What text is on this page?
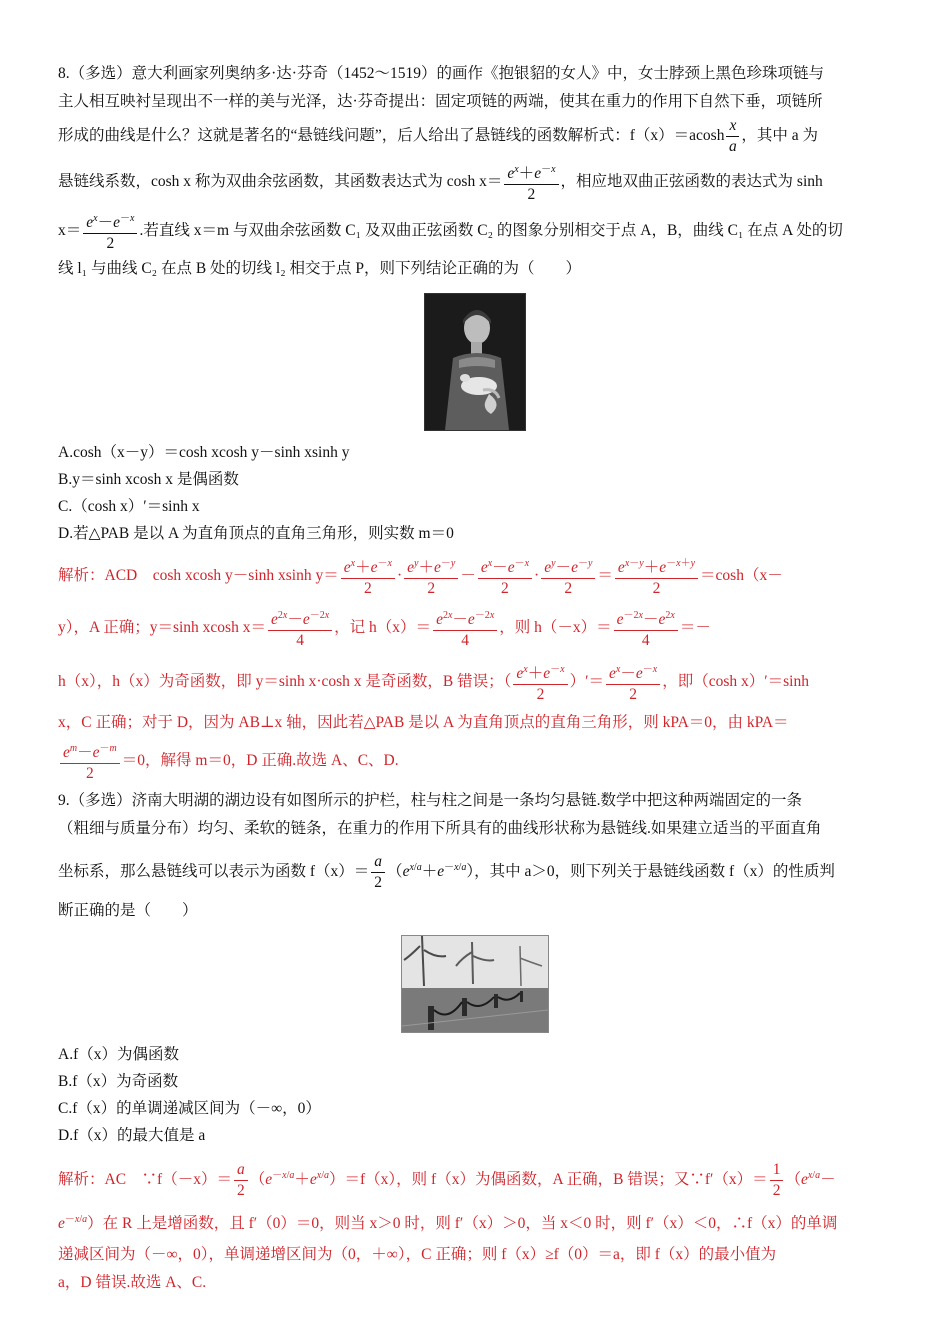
8.（多选）意大利画家列奥纳多·达·芬奇（1452～1519）的画作《抱银貂的女人》中，女士脖颈上黑色珍珠项链与

主人相互映衬呈现出不一样的美与光泽，达·芬奇提出：固定项链的两端，使其在重力的作用下自然下垂，项链所

形成的曲线是什么？这就是著名的“悬链线问题”，后人给出了悬链线的函数解析式：$f(x)=acosh \frac{x}{a}$ ，其中 a 为

悬链线系数，cosh x 称为双曲余弦函数，其函数表达式为 $\cosh x= \frac{e^x+e^{-x}}{2}$ ，相应地双曲正弦函数的表达式为 sinh

$x= \frac{e^x-e^{-x}}{2}$ .若直线 x＝m 与双曲余弦函数 C₁ 及双曲正弦函数 C₂ 的图象分别相交于点 A，B，曲线 C₁ 在点 A 处的切

线 l₁ 与曲线 C₂ 在点 B 处的切线 l₂ 相交于点 P，则下列结论正确的为（　　）

A.cosh（x－y）＝cosh xcosh y－sinh xsinh y

B.y＝sinh xcosh x 是偶函数

C.（cosh x）′＝sinh x

D.若△PAB 是以 A 为直角顶点的直角三角形，则实数 m＝0

解析：ACD　cosh xcosh y－sinh xsinh $y= \frac{e^x+e^{-x}}{2} \cdot \frac{e^y+e^{-y}}{2} - \frac{e^x-e^{-x}}{2} \cdot \frac{e^y-e^{-y}}{2} = \frac{e^{x-y}+e^{-x+y}}{2} =\cosh(x-$

y），A 正确；y＝sinh xcosh $x= \frac{e^{2x}-e^{-2x}}{4}$ ，记 $h(x)= \frac{e^{2x}-e^{-2x}}{4}$ ，则 $h(-x)= \frac{e^{-2x}-e^{2x}}{4}$ ＝－

h（x），h（x）为奇函数，即 y＝sinh x·cosh x 是奇函数，B 错误；（ $\frac{e^x+e^{-x}}{2}$ ）′＝ $\frac{e^x-e^{-x}}{2}$ ，即（cosh x）′＝sinh

x，C 正确；对于 D，因为 AB⊥x 轴，因此若△PAB 是以 A 为直角顶点的直角三角形，则 kPA＝0，由 kPA＝

$\frac{e^m-e^{-m}}{2} =0$，解得 m＝0，D 正确.故选 A、C、D.

9.（多选）济南大明湖的湖边设有如图所示的护栏，柱与柱之间是一条均匀悬链.数学中把这种两端固定的一条

（粗细与质量分布）均匀、柔软的链条，在重力的作用下所具有的曲线形状称为悬链线.如果建立适当的平面直角

坐标系，那么悬链线可以表示为函数 $f(x)= \frac{a}{2} (e^{x/a}+e^{-x/a})$，其中 a＞0，则下列关于悬链线函数 f（x）的性质判

断正确的是（　　）

A.f（x）为偶函数

B.f（x）为奇函数

C.f（x）的单调递减区间为（－∞，0）

D.f（x）的最大值是 a

解析：AC　∵f（－x）＝ $\frac{a}{2} (e^{-x/a}+e^{x/a})=f(x)$，则 f（x）为偶函数，A 正确，B 错误；又∵f′（x）＝ $\frac{1}{2} (e^{x/a}-$

$e^{-x/a}$）在 R 上是增函数，且 f′（0）＝0，则当 x＞0 时，则 f′（x）＞0，当 x＜0 时，则 f′（x）＜0，∴f（x）的单调

递减区间为（－∞，0），单调递增区间为（0，＋∞），C 正确；则 f（x）≥f（0）＝a，即 f（x）的最小值为

a，D 错误.故选 A、C.
